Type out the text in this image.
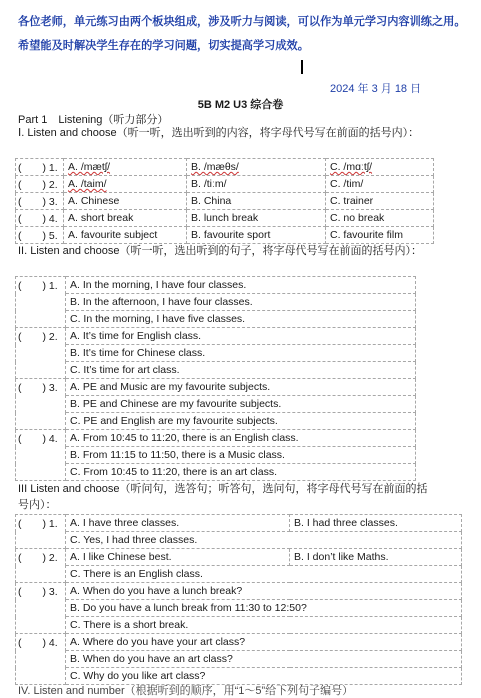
各位老师，单元练习由两个板块组成，涉及听力与阅读，可以作为单元学习内容训练之用。希望能及时解决学生存在的学习问题，切实提高学习成效。
2024 年 3 月 18 日
5B M2 U3 综合卷
Part 1　Listening（听力部分）
Ⅰ. Listen and choose（听一听，选出听到的内容，将字母代号写在前面的括号内）：
(　　) 1.	A. /mætʃ/	B. /mæθs/	C. /mɑːtʃ/
(　　) 2.	A. /taim/	B. /tiːm/	C. /tim/
(　　) 3.	A. Chinese	B. China	C. trainer
(　　) 4.	A. short break	B. lunch break	C. no break
(　　) 5.	A. favourite subject	B. favourite sport	C. favourite film
II. Listen and choose（听一听，选出听到的句子，将字母代号写在前面的括号内）：
(　　) 1.	A. In the morning, I have four classes.
	B. In the afternoon, I have four classes.
	C. In the morning, I have five classes.
(　　) 2.	A. It’s time for English class.
	B. It’s time for Chinese class.
	C. It’s time for art class.
(　　) 3.	A. PE and Music are my favourite subjects.
	B. PE and Chinese are my favourite subjects.
	C. PE and English are my favourite subjects.
(　　) 4.	A. From 10:45 to 11:20, there is an English class.
	B. From 11:15 to 11:50, there is a Music class.
	C. From 10:45 to 11:20, there is an art class.
III Listen and choose（听问句，选答句；听答句，选问句，将字母代号写在前面的括号内）：
(　　) 1.	A. I have three classes.	B. I had three classes.
	C. Yes, I had three classes.	
(　　) 2.	A. I like Chinese best.	B. I don’t like Maths.
	C. There is an English class.	
(　　) 3.	A. When do you have a lunch break?	
	B. Do you have a lunch break from 11:30 to 12:50?	
	C. There is a short break.	
(　　) 4.	A. Where do you have your art class?	
	B. When do you have an art class?	
	C. Why do you like art class?	
IV. Listen and number（根据听到的顺序，用“1～5”给下列句子编号）
